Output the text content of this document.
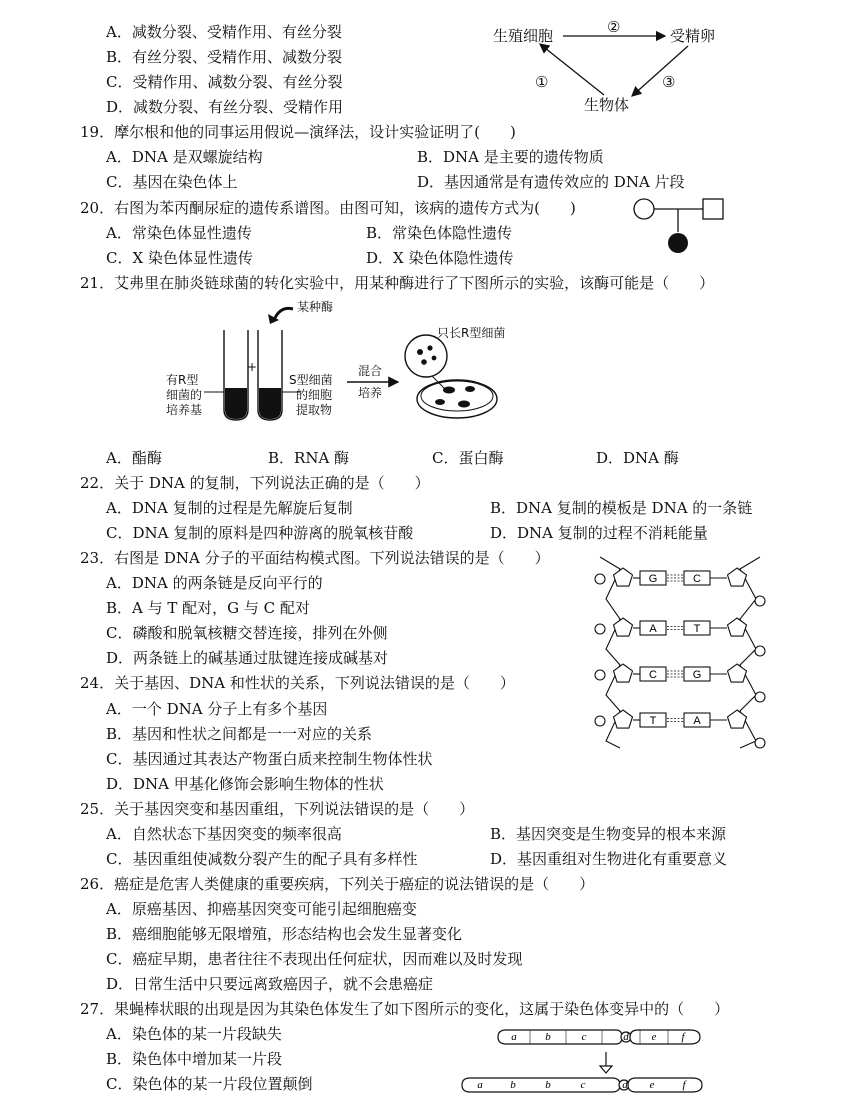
A．减数分裂、受精作用、有丝分裂
B．有丝分裂、受精作用、减数分裂
C．受精作用、减数分裂、有丝分裂
D．减数分裂、有丝分裂、受精作用
G	C
A	T
C	G
T	A
a	b	c	d e f
a	b	b	c	d e	f
生殖细胞	受精卵
生物体
②
①	③
19．摩尔根和他的同事运用假说—演绎法，设计实验证明了(　　)
A．DNA 是双螺旋结构	B．DNA 是主要的遗传物质
C．基因在染色体上	D．基因通常是有遗传效应的 DNA 片段
20．右图为苯丙酮尿症的遗传系谱图。由图可知，该病的遗传方式为(　　)
A．常染色体显性遗传	B．常染色体隐性遗传
C．X 染色体显性遗传	D．X 染色体隐性遗传
21．艾弗里在肺炎链球菌的转化实验中，用某种酶进行了下图所示的实验，该酶可能是（　　）
某种酶
+
有R型
细菌的
培养基
S型细菌
的细胞
提取物
混合
培养
只长R型细菌
A．酯酶	B．RNA 酶	C．蛋白酶	D．DNA 酶
22．关于 DNA 的复制，下列说法正确的是（　　）
A．DNA 复制的过程是先解旋后复制	B．DNA 复制的模板是 DNA 的一条链
C．DNA 复制的原料是四种游离的脱氧核苷酸	D．DNA 复制的过程不消耗能量
23．右图是 DNA 分子的平面结构模式图。下列说法错误的是（　　）
A．DNA 的两条链是反向平行的
B．A 与 T 配对，G 与 C 配对
C．磷酸和脱氧核糖交替连接，排列在外侧
D．两条链上的碱基通过肽键连接成碱基对
24．关于基因、DNA 和性状的关系，下列说法错误的是（　　）
A．一个 DNA 分子上有多个基因
B．基因和性状之间都是一一对应的关系
C．基因通过其表达产物蛋白质来控制生物体性状
D．DNA 甲基化修饰会影响生物体的性状
25．关于基因突变和基因重组，下列说法错误的是（　　）
A．自然状态下基因突变的频率很高	B．基因突变是生物变异的根本来源
C．基因重组使减数分裂产生的配子具有多样性	D．基因重组对生物进化有重要意义
26．癌症是危害人类健康的重要疾病，下列关于癌症的说法错误的是（　　）
A．原癌基因、抑癌基因突变可能引起细胞癌变
B．癌细胞能够无限增殖，形态结构也会发生显著变化
C．癌症早期，患者往往不表现出任何症状，因而难以及时发现
D．日常生活中只要远离致癌因子，就不会患癌症
27．果蝇棒状眼的出现是因为其染色体发生了如下图所示的变化，这属于染色体变异中的（　　）
A．染色体的某一片段缺失
B．染色体中增加某一片段
C．染色体的某一片段位置颠倒
